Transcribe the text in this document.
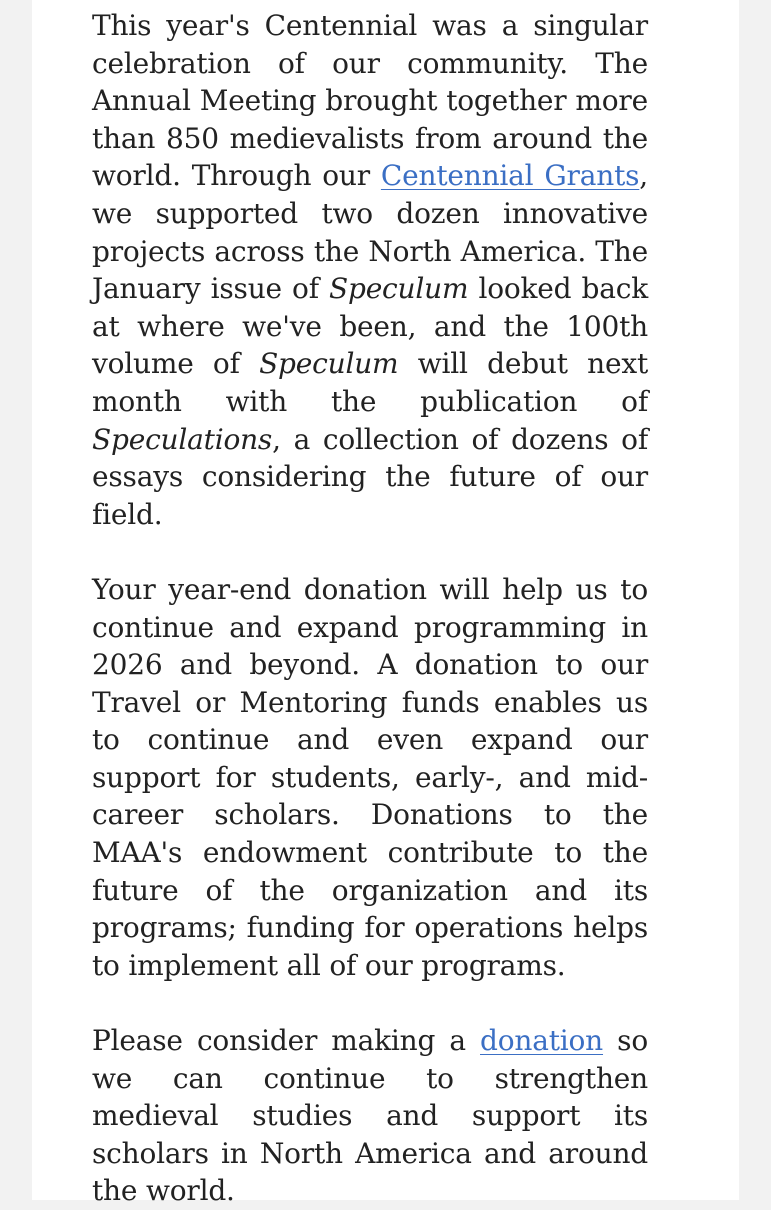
This year's Centennial was a singular celebration of our community. The Annual Meeting brought together more than 850 medievalists from around the world. Through our Centennial Grants, we supported two dozen innovative projects across the North America. The January issue of Speculum looked back at where we've been, and the 100th volume of Speculum will debut next month with the publication of Speculations, a collection of dozens of essays considering the future of our field.

Your year-end donation will help us to continue and expand programming in 2026 and beyond. A donation to our Travel or Mentoring funds enables us to continue and even expand our support for students, early-, and mid-career scholars. Donations to the MAA's endowment contribute to the future of the organization and its programs; funding for operations helps to implement all of our programs.

Please consider making a donation so we can continue to strengthen medieval studies and support its scholars in North America and around the world.
